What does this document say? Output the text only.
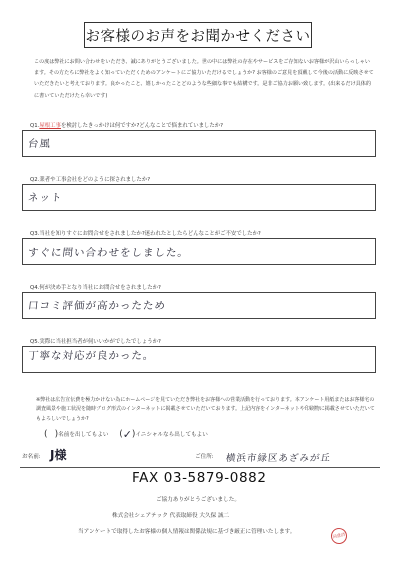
お客様のお声をお聞かせください
この度は弊社にお問い合わせをいただき、誠にありがとうございました。世の中には弊社の存在やサービスをご存知ないお客様が沢山いらっしゃいます。その方たちに弊社をよく知っていただくためのアンケートにご協力いただけるでしょうか? お客様のご意見を頂戴して今後の活動に反映させていただきたいと考えております。良かったこと、嬉しかったことどのような些細な事でも結構です。是非ご協力お願い致します。(出来るだけ具体的に書いていただけたら幸いです)
Q1.屋根工事を検討したきっかけは何ですか?どんなことで悩まれていましたか?
台風
Q2.業者や工事会社をどのように探されましたか?
ネット
Q3.当社を知りすぐにお問合せをされましたか?迷われたとしたらどんなことがご不安でしたか?
すぐに問い合わせをしました。
Q4.何が決め手となり当社にお問合せをされましたか?
口コミ評価が高かったため
Q5.実際に当社担当者が伺いいかがでしたでしょうか?
丁寧な対応が良かった。
※弊社は広告宣伝費を極力かけない為にホームページを見ていただき弊社をお客様への営業活動を行っております。本アンケート用紙またはお客様宅の調査風景や施工状況を随時ブログ形式のインターネットに掲載させていただいております。上記内容をインターネットや印刷物に掲載させていただいてもよろしいでしょうか?
( )名前を出してもよい (✓)イニシャルなら出してもよい
お名前: J様	ご住所: 横浜市緑区あざみが丘
FAX 03-5879-0882
ご協力ありがとうございました。
株式会社シェアテック 代表取締役 大久保 誠二
当アンケートで取得したお客様の個人情報は関係法規に基づき厳正に管理いたします。
同意済
